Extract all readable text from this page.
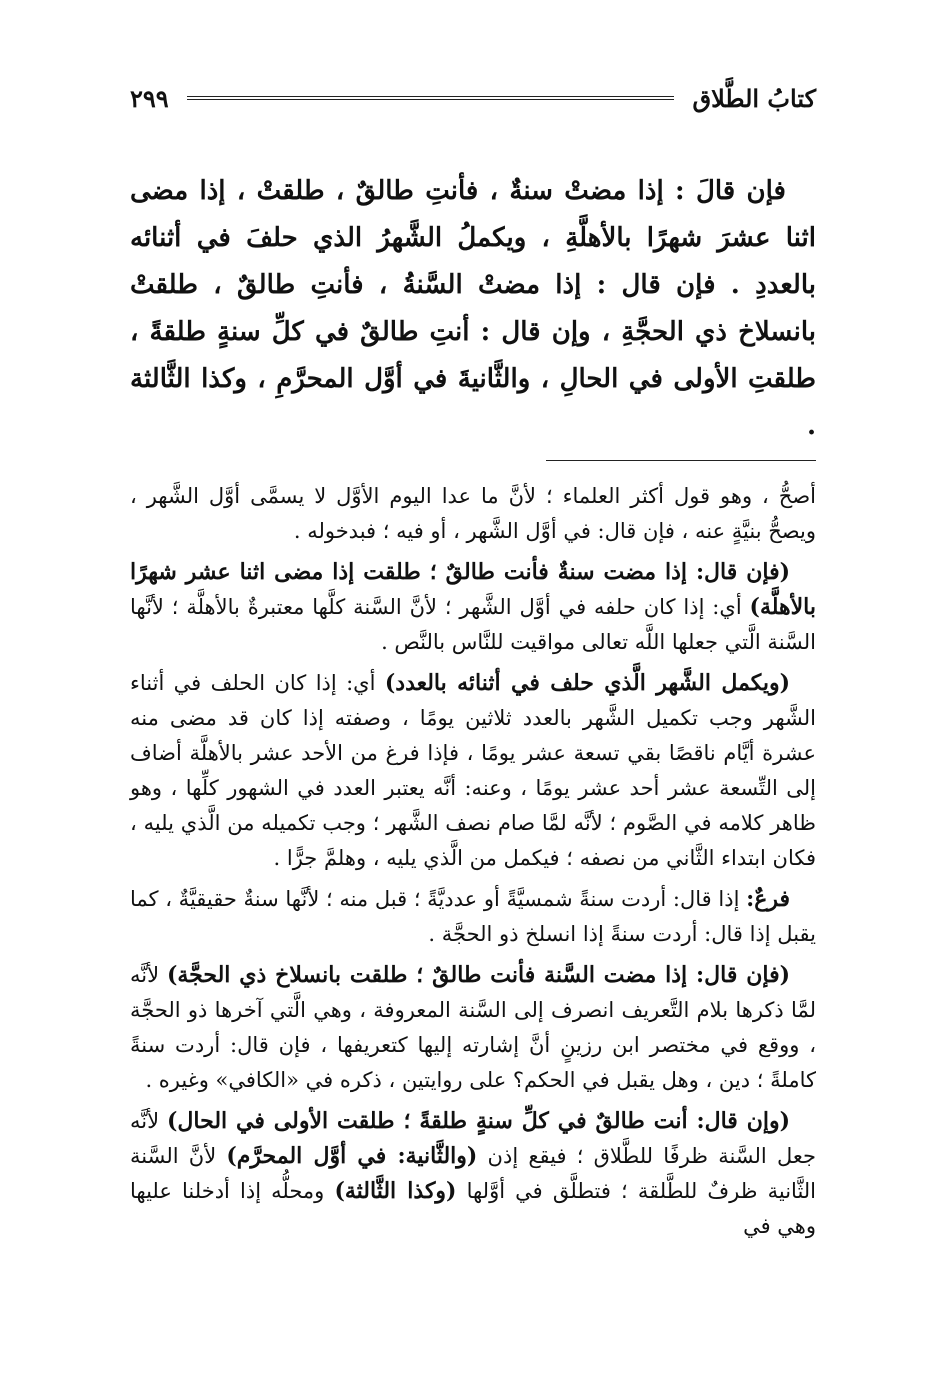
كتابُ الطَّلاق
٢٩٩
فإن قالَ : إذا مضتْ سنةٌ ، فأنتِ طالقٌ ، طلقتْ ، إذا مضى اثنا عشرَ شهرًا بالأهلَّةِ ، ويكملُ الشَّهرُ الذي حلفَ في أثنائه بالعددِ . فإن قال : إذا مضتْ السَّنةُ ، فأنتِ طالقٌ ، طلقتْ بانسلاخ ذي الحجَّةِ ، وإن قال : أنتِ طالقٌ في كلِّ سنةٍ طلقةً ، طلقتِ الأولى في الحالِ ، والثَّانيةَ في أوَّل المحرَّمِ ، وكذا الثَّالثة .

أصحُّ ، وهو قول أكثر العلماء ؛ لأنَّ ما عدا اليوم الأوَّل لا يسمَّى أوَّل الشَّهر ، ويصحُّ بنيَّةٍ عنه ، فإن قال: في أوَّل الشَّهر ، أو فيه ؛ فبدخوله .

(فإن قال: إذا مضت سنةٌ فأنت طالقٌ ؛ طلقت إذا مضى اثنا عشر شهرًا بالأهلَّة) أي: إذا كان حلفه في أوَّل الشَّهر ؛ لأنَّ السَّنة كلَّها معتبرةٌ بالأهلَّة ؛ لأنَّها السَّنة الَّتي جعلها اللَّه تعالى مواقيت للنَّاس بالنَّص .

(ويكمل الشَّهر الَّذي حلف في أثنائه بالعدد) أي: إذا كان الحلف في أثناء الشَّهر وجب تكميل الشَّهر بالعدد ثلاثين يومًا ، وصفته إذا كان قد مضى منه عشرة أيَّام ناقصًا بقي تسعة عشر يومًا ، فإذا فرغ من الأحد عشر بالأهلَّة أضاف إلى التِّسعة عشر أحد عشر يومًا ، وعنه: أنَّه يعتبر العدد في الشهور كلِّها ، وهو ظاهر كلامه في الصَّوم ؛ لأنَّه لمَّا صام نصف الشَّهر ؛ وجب تكميله من الَّذي يليه ، فكان ابتداء الثَّاني من نصفه ؛ فيكمل من الَّذي يليه ، وهلمَّ جرًّا .

فرعٌ: إذا قال: أردت سنةً شمسيَّةً أو عدديَّةً ؛ قبل منه ؛ لأنَّها سنةٌ حقيقيَّةٌ ، كما يقبل إذا قال: أردت سنةً إذا انسلخ ذو الحجَّة .

(فإن قال: إذا مضت السَّنة فأنت طالقٌ ؛ طلقت بانسلاخ ذي الحجَّة) لأنَّه لمَّا ذكرها بلام التَّعريف انصرف إلى السَّنة المعروفة ، وهي الَّتي آخرها ذو الحجَّة ، ووقع في مختصر ابن رزينٍ أنَّ إشارته إليها كتعريفها ، فإن قال: أردت سنةً كاملةً ؛ دين ، وهل يقبل في الحكم؟ على روايتين ، ذكره في «الكافي» وغيره .

(وإن قال: أنت طالقٌ في كلِّ سنةٍ طلقةً ؛ طلقت الأولى في الحال) لأنَّه جعل السَّنة ظرفًا للطَّلاق ؛ فيقع إذن (والثَّانية: في أوَّل المحرَّم) لأنَّ السَّنة الثَّانية ظرفٌ للطَّلقة ؛ فتطلَّق في أوَّلها (وكذا الثَّالثة) ومحلُّه إذا أدخلنا عليها وهي في
